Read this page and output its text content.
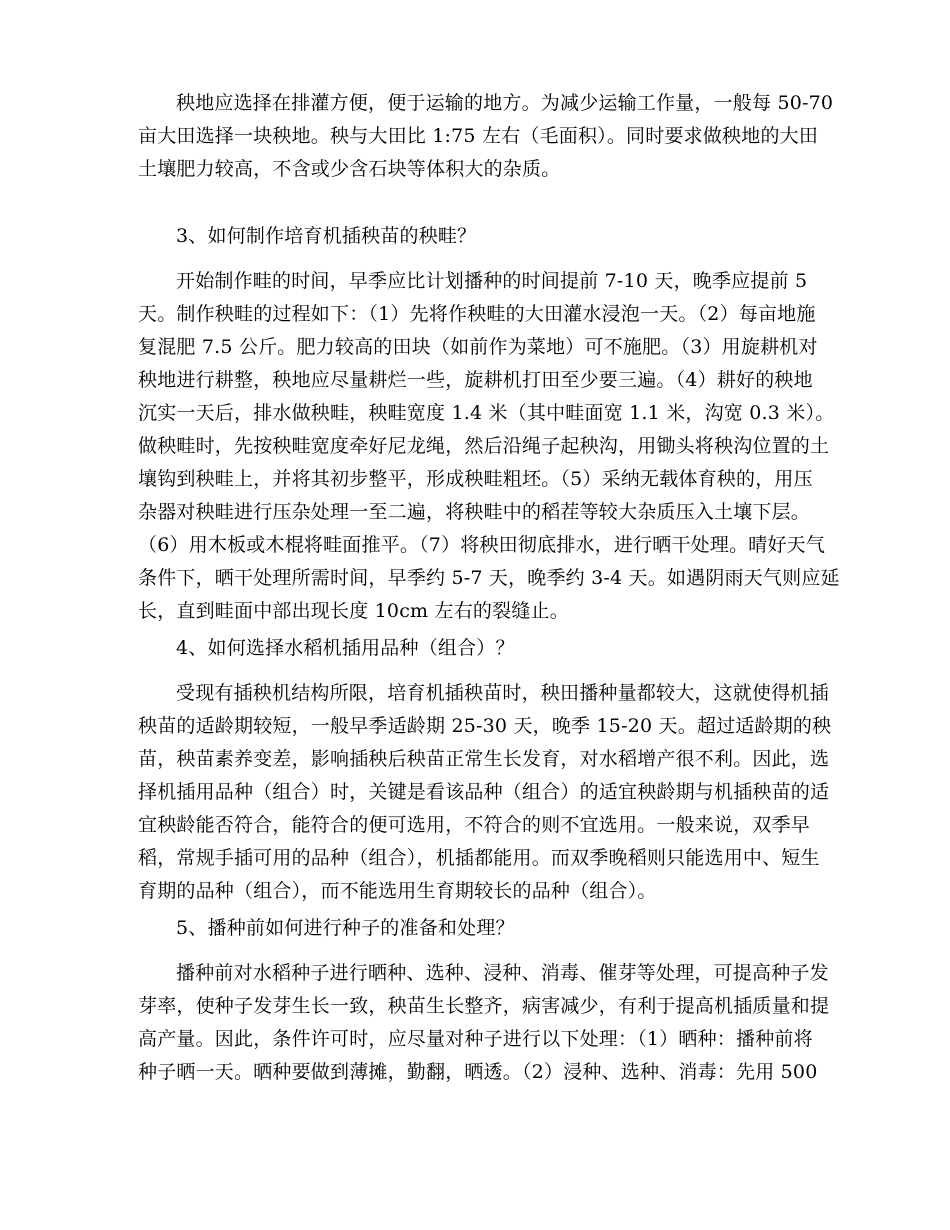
秧地应选择在排灌方便，便于运输的地方。为减少运输工作量，一般每 50-70
亩大田选择一块秧地。秧与大田比 1:75 左右（毛面积）。同时要求做秧地的大田
土壤肥力较高，不含或少含石块等体积大的杂质。
3、如何制作培育机插秧苗的秧畦？
开始制作畦的时间，早季应比计划播种的时间提前 7-10 天，晚季应提前 5
天。制作秧畦的过程如下：（1）先将作秧畦的大田灌水浸泡一天。（2）每亩地施
复混肥 7.5 公斤。肥力较高的田块（如前作为菜地）可不施肥。（3）用旋耕机对
秧地进行耕整，秧地应尽量耕烂一些，旋耕机打田至少要三遍。（4）耕好的秧地
沉实一天后，排水做秧畦，秧畦宽度 1.4 米（其中畦面宽 1.1 米，沟宽 0.3 米）。
做秧畦时，先按秧畦宽度牵好尼龙绳，然后沿绳子起秧沟，用锄头将秧沟位置的土
壤钩到秧畦上，并将其初步整平，形成秧畦粗坯。（5）采纳无载体育秧的，用压
杂器对秧畦进行压杂处理一至二遍，将秧畦中的稻茬等较大杂质压入土壤下层。
（6）用木板或木棍将畦面推平。（7）将秧田彻底排水，进行晒干处理。晴好天气
条件下，晒干处理所需时间，早季约 5-7 天，晚季约 3-4 天。如遇阴雨天气则应延
长，直到畦面中部出现长度 10cm 左右的裂缝止。
4、如何选择水稻机插用品种（组合）？
受现有插秧机结构所限，培育机插秧苗时，秧田播种量都较大，这就使得机插
秧苗的适龄期较短，一般早季适龄期 25-30 天，晚季 15-20 天。超过适龄期的秧
苗，秧苗素养变差，影响插秧后秧苗正常生长发育，对水稻增产很不利。因此，选
择机插用品种（组合）时，关键是看该品种（组合）的适宜秧龄期与机插秧苗的适
宜秧龄能否符合，能符合的便可选用，不符合的则不宜选用。一般来说，双季早
稻，常规手插可用的品种（组合），机插都能用。而双季晚稻则只能选用中、短生
育期的品种（组合），而不能选用生育期较长的品种（组合）。
5、播种前如何进行种子的准备和处理？
播种前对水稻种子进行晒种、选种、浸种、消毒、催芽等处理，可提高种子发
芽率，使种子发芽生长一致，秧苗生长整齐，病害减少，有利于提高机插质量和提
高产量。因此，条件许可时，应尽量对种子进行以下处理：（1）晒种：播种前将
种子晒一天。晒种要做到薄摊，勤翻，晒透。（2）浸种、选种、消毒：先用 500
